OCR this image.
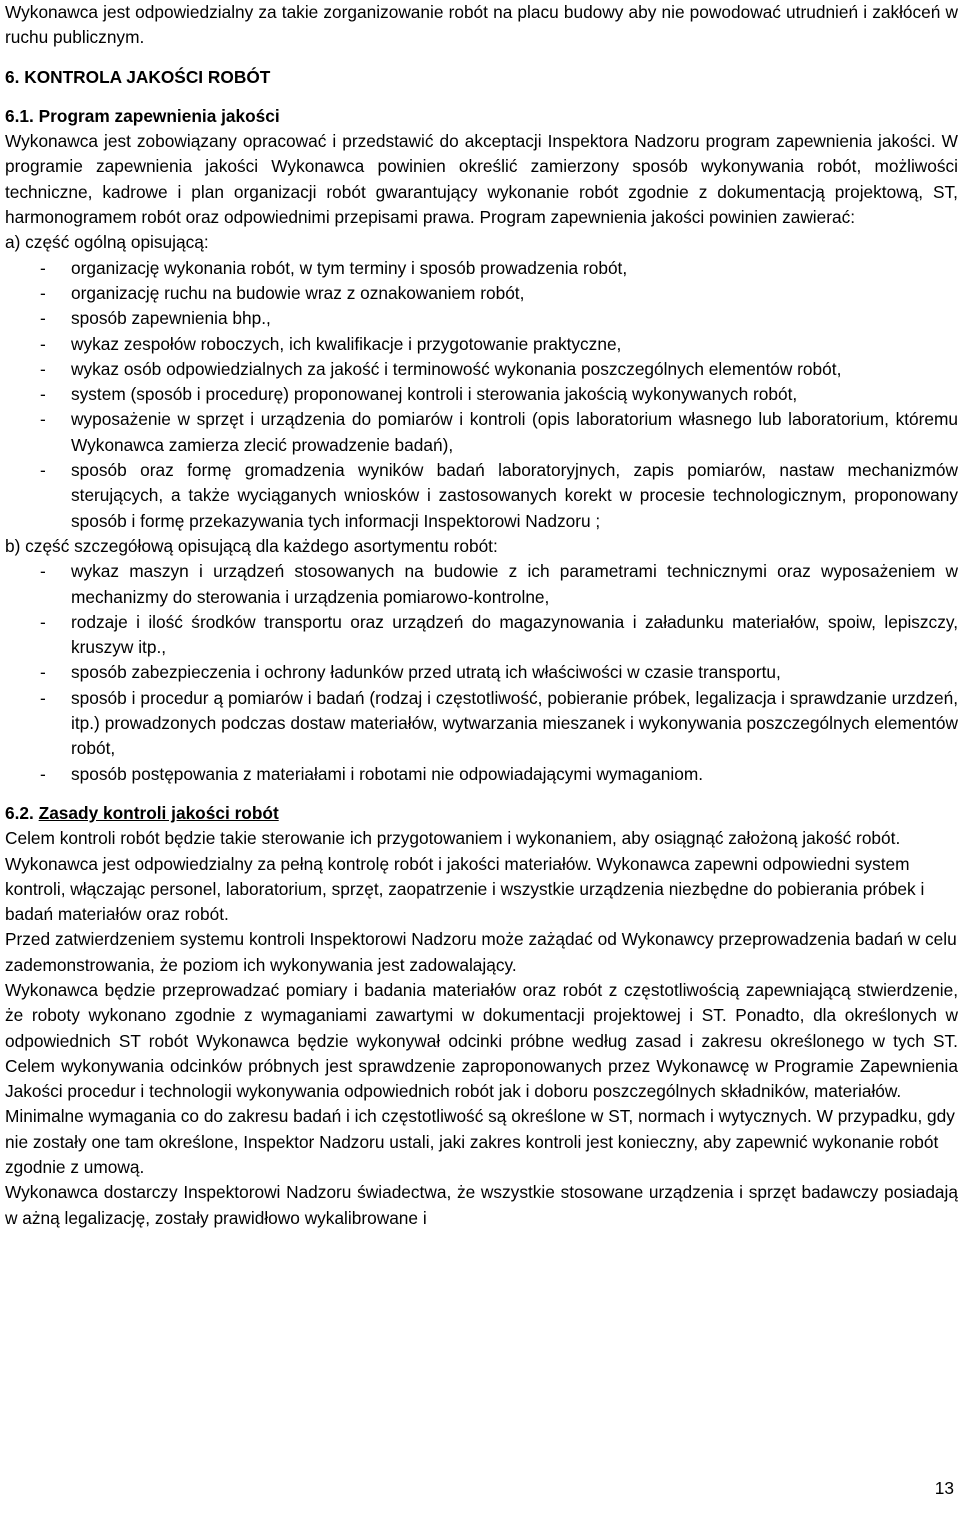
Wykonawca jest odpowiedzialny za takie zorganizowanie robót na placu budowy aby nie powodować utrudnień i zakłóceń w ruchu publicznym.

6. KONTROLA JAKOŚCI ROBÓT

6.1. Program zapewnienia jakości

Wykonawca jest zobowiązany opracować i przedstawić do akceptacji Inspektora Nadzoru program zapewnienia jakości. W programie zapewnienia jakości Wykonawca powinien określić zamierzony sposób wykonywania robót, możliwości techniczne, kadrowe i plan organizacji robót gwarantujący wykonanie robót zgodnie z dokumentacją projektową, ST, harmonogramem robót oraz odpowiednimi przepisami prawa. Program zapewnienia jakości powinien zawierać:

a) część ogólną opisującą:

-	organizację wykonania robót, w tym terminy i sposób prowadzenia robót,
-	organizację ruchu na budowie wraz z oznakowaniem robót,
-	sposób zapewnienia bhp.,
-	wykaz zespołów roboczych, ich kwalifikacje i przygotowanie praktyczne,
-	wykaz osób odpowiedzialnych za jakość i terminowość wykonania poszczególnych elementów robót,
-	system (sposób i procedurę) proponowanej kontroli i sterowania jakością wykonywanych robót,
-	wyposażenie w sprzęt i urządzenia do pomiarów i kontroli (opis laboratorium własnego lub laboratorium, któremu Wykonawca zamierza zlecić prowadzenie badań),
-	sposób oraz formę gromadzenia wyników badań laboratoryjnych, zapis pomiarów, nastaw mechanizmów sterujących, a także wyciąganych wniosków i zastosowanych korekt w procesie technologicznym, proponowany sposób i formę przekazywania tych informacji Inspektorowi Nadzoru ;

b) część szczegółową opisującą dla każdego asortymentu robót:

-	wykaz maszyn i urządzeń stosowanych na budowie z ich parametrami technicznymi oraz wyposażeniem w mechanizmy do sterowania i urządzenia pomiarowo-kontrolne,
-	rodzaje i ilość środków transportu oraz urządzeń do magazynowania i załadunku materiałów, spoiw, lepiszczy, kruszyw itp.,
-	sposób zabezpieczenia i ochrony ładunków przed utratą ich właściwości w czasie transportu,
-	sposób i procedur ą pomiarów i badań (rodzaj i częstotliwość, pobieranie próbek, legalizacja i sprawdzanie urzdzeń, itp.) prowadzonych podczas dostaw materiałów, wytwarzania mieszanek i wykonywania poszczególnych elementów robót,
-	sposób postępowania z materiałami i robotami nie odpowiadającymi wymaganiom.

6.2. Zasady kontroli jakości robót

Celem kontroli robót będzie takie sterowanie ich przygotowaniem i wykonaniem, aby osiągnąć założoną jakość robót.

Wykonawca jest odpowiedzialny za pełną kontrolę robót i jakości materiałów. Wykonawca zapewni odpowiedni system kontroli, włączając personel, laboratorium, sprzęt, zaopatrzenie i wszystkie urządzenia niezbędne do pobierania próbek i badań materiałów oraz robót.

Przed zatwierdzeniem systemu kontroli Inspektorowi Nadzoru może zażądać od Wykonawcy przeprowadzenia badań w celu zademonstrowania, że poziom ich wykonywania jest zadowalający.

Wykonawca będzie przeprowadzać pomiary i badania materiałów oraz robót z częstotliwością zapewniającą stwierdzenie, że roboty wykonano zgodnie z wymaganiami zawartymi w dokumentacji projektowej i ST. Ponadto, dla określonych w odpowiednich ST robót Wykonawca będzie wykonywał odcinki próbne według zasad i zakresu określonego w tych ST. Celem wykonywania odcinków próbnych jest sprawdzenie zaproponowanych przez Wykonawcę w Programie Zapewnienia Jakości procedur i technologii wykonywania odpowiednich robót jak i doboru poszczególnych składników, materiałów.

Minimalne wymagania co do zakresu badań i ich częstotliwość są określone w ST, normach i wytycznych. W przypadku, gdy nie zostały one tam określone, Inspektor Nadzoru ustali, jaki zakres kontroli jest konieczny, aby zapewnić wykonanie robót zgodnie z umową.

Wykonawca dostarczy Inspektorowi Nadzoru świadectwa, że wszystkie stosowane urządzenia i sprzęt badawczy posiadają w ażną legalizację, zostały prawidłowo wykalibrowane i

13
